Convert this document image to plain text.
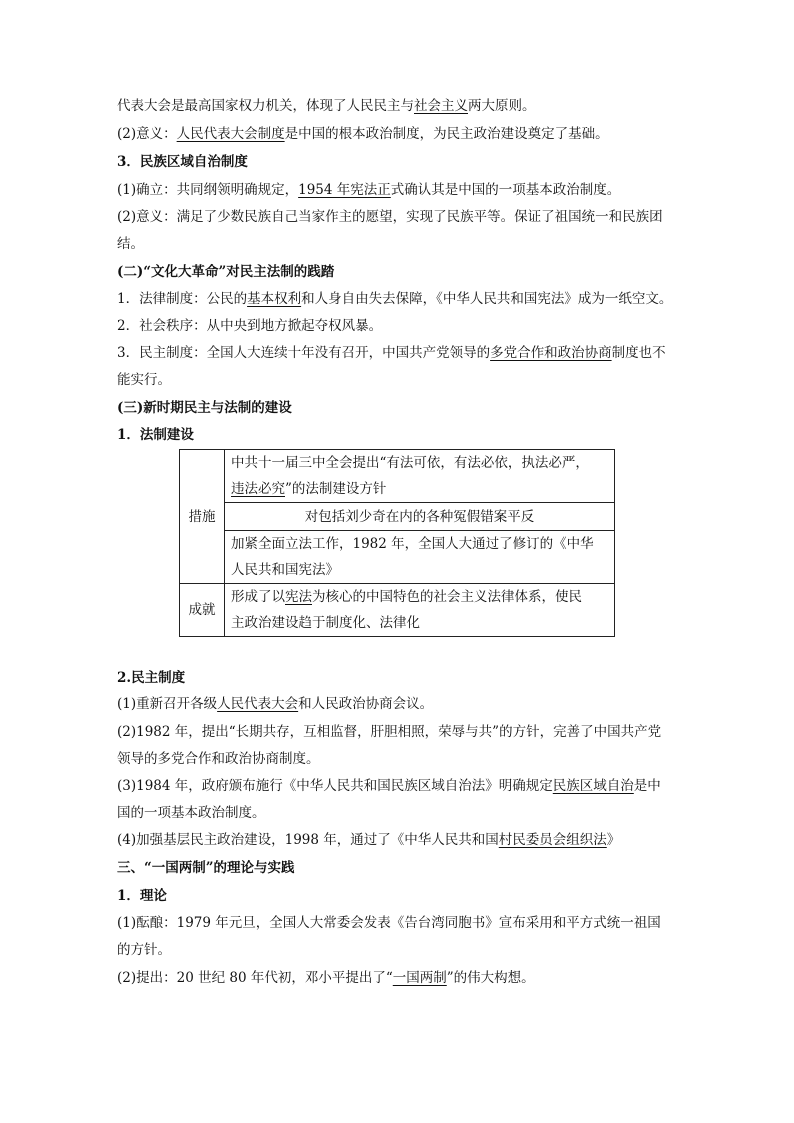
代表大会是最高国家权力机关，体现了人民民主与社会主义两大原则。
(2)意义：人民代表大会制度是中国的根本政治制度，为民主政治建设奠定了基础。
3．民族区域自治制度
(1)确立：共同纲领明确规定，1954 年宪法正式确认其是中国的一项基本政治制度。
(2)意义：满足了少数民族自己当家作主的愿望，实现了民族平等。保证了祖国统一和民族团
结。
(二)“文化大革命”对民主法制的践踏
1．法律制度：公民的基本权利和人身自由失去保障，《中华人民共和国宪法》成为一纸空文。
2．社会秩序：从中央到地方掀起夺权风暴。
3．民主制度：全国人大连续十年没有召开，中国共产党领导的多党合作和政治协商制度也不
能实行。
(三)新时期民主与法制的建设
1．法制建设
措施	中共十一届三中全会提出“有法可依，有法必依，执法必严，
违法必究”的法制建设方针

	对包括刘少奇在内的各种冤假错案平反

	加紧全面立法工作，1982 年，全国人大通过了修订的《中华
人民共和国宪法》

成就	形成了以宪法为核心的中国特色的社会主义法律体系，使民
主政治建设趋于制度化、法律化
2.民主制度
(1)重新召开各级人民代表大会和人民政治协商会议。
(2)1982 年，提出“长期共存，互相监督，肝胆相照，荣辱与共”的方针，完善了中国共产党
领导的多党合作和政治协商制度。
(3)1984 年，政府颁布施行《中华人民共和国民族区域自治法》明确规定民族区域自治是中
国的一项基本政治制度。
(4)加强基层民主政治建设，1998 年，通过了《中华人民共和国村民委员会组织法》
三、“一国两制”的理论与实践
1．理论
(1)酝酿：1979 年元旦，全国人大常委会发表《告台湾同胞书》宣布采用和平方式统一祖国
的方针。
(2)提出：20 世纪 80 年代初，邓小平提出了“一国两制”的伟大构想。
